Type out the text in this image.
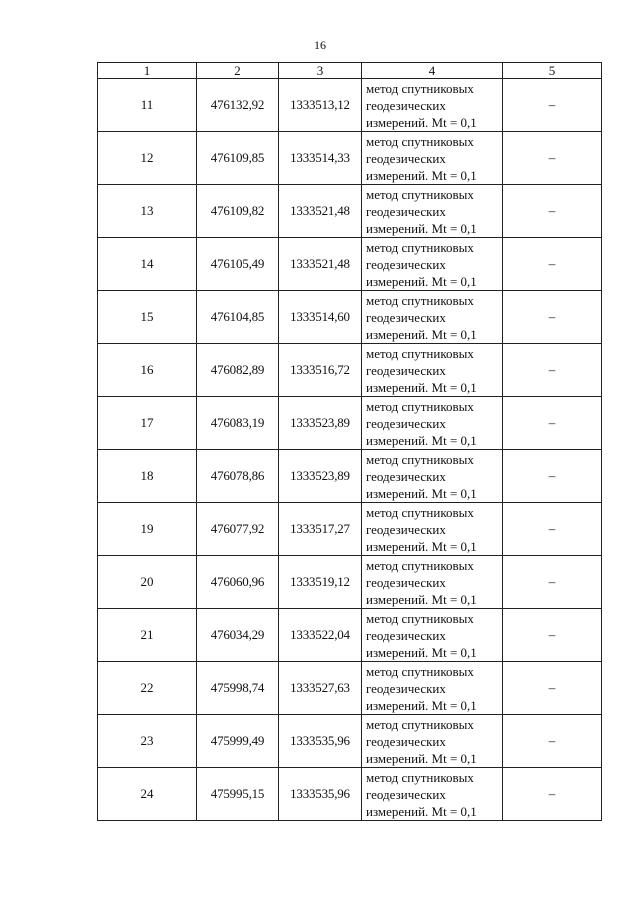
16
1	2	3	4	5
11	476132,92	1333513,12	метод спутниковых
геодезических
измерений. Mt = 0,1	–
12	476109,85	1333514,33	метод спутниковых
геодезических
измерений. Mt = 0,1	–
13	476109,82	1333521,48	метод спутниковых
геодезических
измерений. Mt = 0,1	–
14	476105,49	1333521,48	метод спутниковых
геодезических
измерений. Mt = 0,1	–
15	476104,85	1333514,60	метод спутниковых
геодезических
измерений. Mt = 0,1	–
16	476082,89	1333516,72	метод спутниковых
геодезических
измерений. Mt = 0,1	–
17	476083,19	1333523,89	метод спутниковых
геодезических
измерений. Mt = 0,1	–
18	476078,86	1333523,89	метод спутниковых
геодезических
измерений. Mt = 0,1	–
19	476077,92	1333517,27	метод спутниковых
геодезических
измерений. Mt = 0,1	–
20	476060,96	1333519,12	метод спутниковых
геодезических
измерений. Mt = 0,1	–
21	476034,29	1333522,04	метод спутниковых
геодезических
измерений. Mt = 0,1	–
22	475998,74	1333527,63	метод спутниковых
геодезических
измерений. Mt = 0,1	–
23	475999,49	1333535,96	метод спутниковых
геодезических
измерений. Mt = 0,1	–
24	475995,15	1333535,96	метод спутниковых
геодезических
измерений. Mt = 0,1	–
